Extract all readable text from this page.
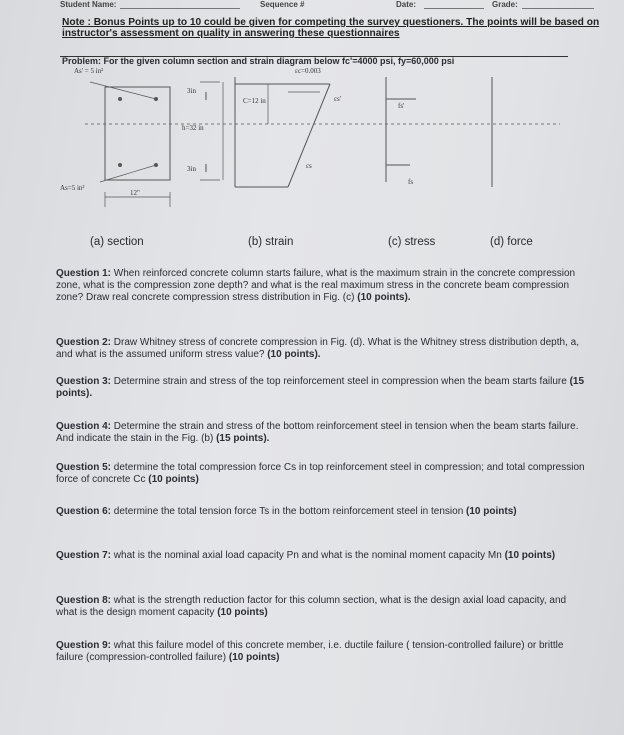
Student Name:	Sequence #	Date:	Grade:
Note : Bonus Points up to 10 could be given for competing the survey questioners. The points will be based on instructor's assessment on quality in answering these questionnaires
Problem: For the given column section and strain diagram below fc'=4000 psi, fy=60,000 psi
As' = 5 in²
As=5 in²
12"
εc=0.003
3in
3in
C=12 in
h=32 in
εs'
εs
fs'
fs
(a) section	(b) strain	(c) stress	(d) force
Question 1: When reinforced concrete column starts failure, what is the maximum strain in the concrete compression zone, what is the compression zone depth? and what is the real maximum stress in the concrete beam compression zone? Draw real concrete compression stress distribution in Fig. (c) (10 points).
Question 2: Draw Whitney stress of concrete compression in Fig. (d). What is the Whitney stress distribution depth, a, and what is the assumed uniform stress value? (10 points).
Question 3: Determine strain and stress of the top reinforcement steel in compression when the beam starts failure (15 points).
Question 4: Determine the strain and stress of the bottom reinforcement steel in tension when the beam starts failure. And indicate the stain in the Fig. (b) (15 points).
Question 5: determine the total compression force Cs in top reinforcement steel in compression; and total compression force of concrete Cc (10 points)
Question 6: determine the total tension force Ts in the bottom reinforcement steel in tension (10 points)
Question 7: what is the nominal axial load capacity Pn and what is the nominal moment capacity Mn (10 points)
Question 8: what is the strength reduction factor for this column section, what is the design axial load capacity, and what is the design moment capacity (10 points)
Question 9: what this failure model of this concrete member, i.e. ductile failure ( tension-controlled failure) or brittle failure (compression-controlled failure) (10 points)
